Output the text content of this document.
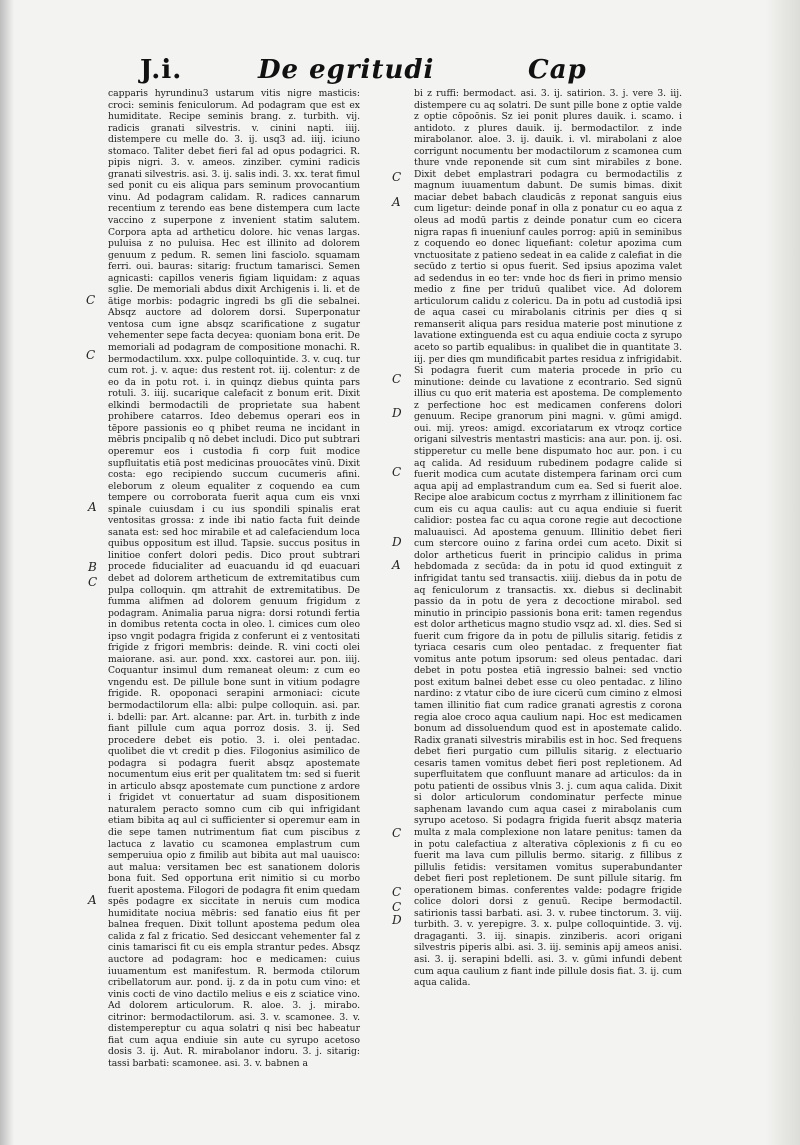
J.i.	De egritudi	Cap

capparis hyrundinu3 ustarum vitis nigre masticis: croci: seminis feniculorum. Ad podagram que est ex humiditate. Recipe seminis brang. z. turbith. vij. radicis granati silvestris. v. cinini napti. iiij. distempere cu melle do. 3. ij. usq3 ad. iiij. iciuno stomaco. Taliter debet fieri fal ad opus podagrici. R. pipis nigri. 3. v. ameos. zinziber. cymini radicis granati silvestris. asi. 3. ij. salis indi. 3. xx. terat fimul sed ponit cu eis aliqua pars seminum provocantium vinu. Ad podagram calidam. R. radices cannarum recentium z terendo eas bene distempera cum lacte vaccino z superpone z invenient statim salutem. Corpora apta ad artheticu dolore. hic venas largas. puluisa z no puluisa. Hec est illinito ad dolorem genuum z pedum. R. semen lini fasciolo. squamam ferri. oui. bauras: sitarig: fructum tamarisci. Semen agnicasti: capillos veneris figiam liquidam: z aquas sglie. De memoriali abdus dixit Archigenis i. li. et de ātige morbis: podagric ingredi bs glī die sebalnei. Absqz auctore ad dolorem dorsi. Superponatur ventosa cum igne absqz scarificatione z sugatur vehementer sepe facta decyea: quoniam bona erit. De memoriali ad podagram de compositione monachi. R. bermodactilum. xxx. pulpe colloquintide. 3. v. cuq. tur cum rot. j. v. aque: dus restent rot. iij. colentur: z de eo da in potu rot. i. in quinqz diebus quinta pars rotuli. 3. iiij. sucarique calefacit z bonum erit. Dixit elkindi bermodactili de proprietate sua habent prohibere catarros. Ideo debemus operari eos in tēpore passionis eo q phibet reuma ne incidant in mēbris pncipalib q nō debet includi. Dico put subtrari operemur eos i custodia fi corp fuit modice supfluitatis etiā post medicinas prouocātes vinū. Dixit costa: ego recipiendo succum cucumeris afini. eleborum z oleum equaliter z coquendo ea cum tempere ou corroborata fuerit aqua cum eis vnxi spinale cuiusdam i cu ius spondili spinalis erat ventositas grossa: z inde ibi natio facta fuit deinde sanata est: sed hoc mirabile et ad calefaciendum loca quibus oppositum est illud. Tapsie. succus positus in linitioe confert dolori pedis. Dico prout subtrari procede fiducialiter ad euacuandu id qd euacuari debet ad dolorem artheticum de extremitatibus cum pulpa colloquin. qm attrahit de extremitatibus. De fumma alifmen ad dolorem genuum frigidum z podagram. Animalia parua nigra: dorsi rotundi fertia in domibus retenta cocta in oleo. l. cimices cum oleo ipso vngit podagra frigida z conferunt ei z ventositati frigide z frigori membris: deinde. R. vini cocti olei maiorane. asi. aur. pond. xxx. castorei aur. pon. iiij. Coquantur insimul dum remaneat oleum: z cum eo vngendu est. De pillule bone sunt in vitium podagre frigide. R. opoponaci serapini armoniaci: cicute bermodactilorum ella: albi: pulpe colloquin. asi. par. i. bdelli: par. Art. alcanne: par. Art. in. turbith z inde fiant pillule cum aqua porroz dosis. 3. ij. Sed procedere debet eis potio. 3. i. olei pentadac. quolibet die vt credit p dies. Filogonius asimilico de podagra si podagra fuerit absqz apostemate nocumentum eius erit per qualitatem tm: sed si fuerit in articulo absqz apostemate cum punctione z ardore i frigidet vt conuertatur ad suam dispositionem naturalem peracto somno cum cib qui infrigidant etiam bibita aq aul ci sufficienter si operemur eam in die sepe tamen nutrimentum fiat cum piscibus z lactuca z lavatio cu scamonea emplastrum cum semperuiua opio z fimilib aut bibita aut mal uauisco: aut malua: versitamen bec est sanationem doloris bona fuit. Sed opportuna erit nimitio si cu morbo fuerit apostema. Filogori de podagra fit enim quedam spēs podagre ex siccitate in neruis cum modica humiditate nociua mēbris: sed fanatio eius fit per balnea frequen. Dixit tollunt apostema pedum olea calida z fal z fricatio. Sed desiccant vehementer fal z cinis tamarisci fit cu eis empla strantur pedes. Absqz auctore ad podagram: hoc e medicamen: cuius iuuamentum est manifestum. R. bermoda ctilorum cribellatorum aur. pond. ij. z da in potu cum vino: et vinis cocti de vino dactilo melius e eis z sciatice vino. Ad dolorem articulorum. R. aloe. 3. j. mirabo. citrinor: bermodactilorum. asi. 3. v. scamonee. 3. v. distempereptur cu aqua solatri q nisi bec habeatur fiat cum aqua endiuie sin aute cu syrupo acetoso dosis 3. ij. Aut. R. mirabolanor indoru. 3. j. sitarig: tassi barbati: scamonee. asi. 3. v. babnen a

bi z ruffi: bermodact. asi. 3. ij. satirion. 3. j. vere 3. iij. distempere cu aq solatri. De sunt pille bone z optie valde z optie cōpoōnis. Sz iei ponit plures dauik. i. scamo. i antidoto. z plures dauik. ij. bermodactilor. z inde mirabolanor. aloe. 3. ij. dauik. i. vl. mirabolani z aloe corrigunt nocumentu ber modactilorum z scamonea cum thure vnde reponende sit cum sint mirabiles z bone. Dixit debet emplastrari podagra cu bermodactilis z magnum iuuamentum dabunt. De sumis bimas. dixit maciar debet babach claudicās z reponat sanguis eius cum ligetur: deinde ponaf in olla z ponatur cu eo aqua z oleus ad modū partis z deinde ponatur cum eo cicera nigra rapas fi inueniunf caules porrog: apiū in seminibus z coquendo eo donec liquefiant: coletur apozima cum vnctuositate z patieno sedeat in ea calide z calefiat in die secūdo z tertio si opus fuerit. Sed ipsius apozima valet ad sedendus in eo ter: vnde hoc ds fieri in primo mensio medio z fine per triduū qualibet vice. Ad dolorem articulorum calidu z colericu. Da in potu ad custodiā ipsi de aqua casei cu mirabolanis citrinis per dies q si remanserit aliqua pars residua materie post minutione z lavatione extinguenda est cu aqua endiuie cocta z syrupo aceto so partib equalibus: in qualibet die in quantitate 3. iij. per dies qm mundificabit partes residua z infrigidabit. Si podagra fuerit cum materia procede in prīo cu minutione: deinde cu lavatione z econtrario. Sed signū illius cu quo erit materia est apostema. De complemento z perfectione hoc est medicamen conferens dolori genuum. Recipe granorum pini magni. v. gūmi amigd. oui. mij. yreos: amigd. excoriatarum ex vtroqz cortice origani silvestris mentastri masticis: ana aur. pon. ij. osi. stipperetur cu melle bene dispumato hoc aur. pon. i cu aq calida. Ad residuum rubedinem podagre calide si fuerit modica cum acutate distempera farinam orci cum aqua apij ad emplastrandum cum ea. Sed si fuerit aloe. Recipe aloe arabicum coctus z myrrham z illinitionem fac cum eis cu aqua caulis: aut cu aqua endiuie si fuerit calidior: postea fac cu aqua corone regie aut decoctione maluauisci. Ad apostema genuum. Illinitio debet fieri cum stercore ouino z farina ordei cum aceto. Dixit si dolor artheticus fuerit in principio calidus in prima hebdomada z secūda: da in potu id quod extinguit z infrigidat tantu sed transactis. xiiij. diebus da in potu de aq feniculorum z transactis. xx. diebus si declinabit passio da in potu de yera z decoctione mirabol. sed minutio in principio passionis bona erit: tamen regendus est dolor artheticus magno studio vsqz ad. xl. dies. Sed si fuerit cum frigore da in potu de pillulis sitarig. fetidis z tyriaca cesaris cum oleo pentadac. z frequenter fiat vomitus ante potum ipsorum: sed oleus pentadac. dari debet in potu postea etiā ingressio balnei: sed vnctio post exitum balnei debet esse cu oleo pentadac. z lilino nardino: z vtatur cibo de iure cicerū cum cimino z elmosi tamen illinitio fiat cum radice granati agrestis z corona regia aloe croco aqua caulium napi. Hoc est medicamen bonum ad dissoluendum quod est in apostemate calido. Radix granati silvestris mirabilis est in hoc. Sed frequens debet fieri purgatio cum pillulis sitarig. z electuario cesaris tamen vomitus debet fieri post repletionem. Ad superfluitatem que confluunt manare ad articulos: da in potu patienti de ossibus vlnis 3. j. cum aqua calida. Dixit si dolor articulorum condominatur perfecte minue saphenam lavando cum aqua casei z mirabolanis cum syrupo acetoso. Si podagra frigida fuerit absqz materia multa z mala complexione non latare penitus: tamen da in potu calefactiua z alterativa cōplexionis z fi cu eo fuerit ma lava cum pillulis bermo. sitarig. z fillibus z pillulis fetidis: versitamen vomitus superabundanter debet fieri post repletionem. De sunt pillule sitarig. fm operationem bimas. conferentes valde: podagre frigide colice dolori dorsi z genuū. Recipe bermodactil. satirionis tassi barbati. asi. 3. v. rubee tinctorum. 3. viij. turbith. 3. v. yerepigre. 3. x. pulpe colloquintide. 3. vij. dragaganti. 3. iij. sinapis. zinziberis. acori origani silvestris piperis albi. asi. 3. iij. seminis apij ameos anisi. asi. 3. ij. serapini bdelli. asi. 3. v. gūmi infundi debent cum aqua caulium z fiant inde pillule dosis fiat. 3. ij. cum aqua calida.

C
C
A
B
C
A
C
A
C
D
C
D
A
C
C
C
D
